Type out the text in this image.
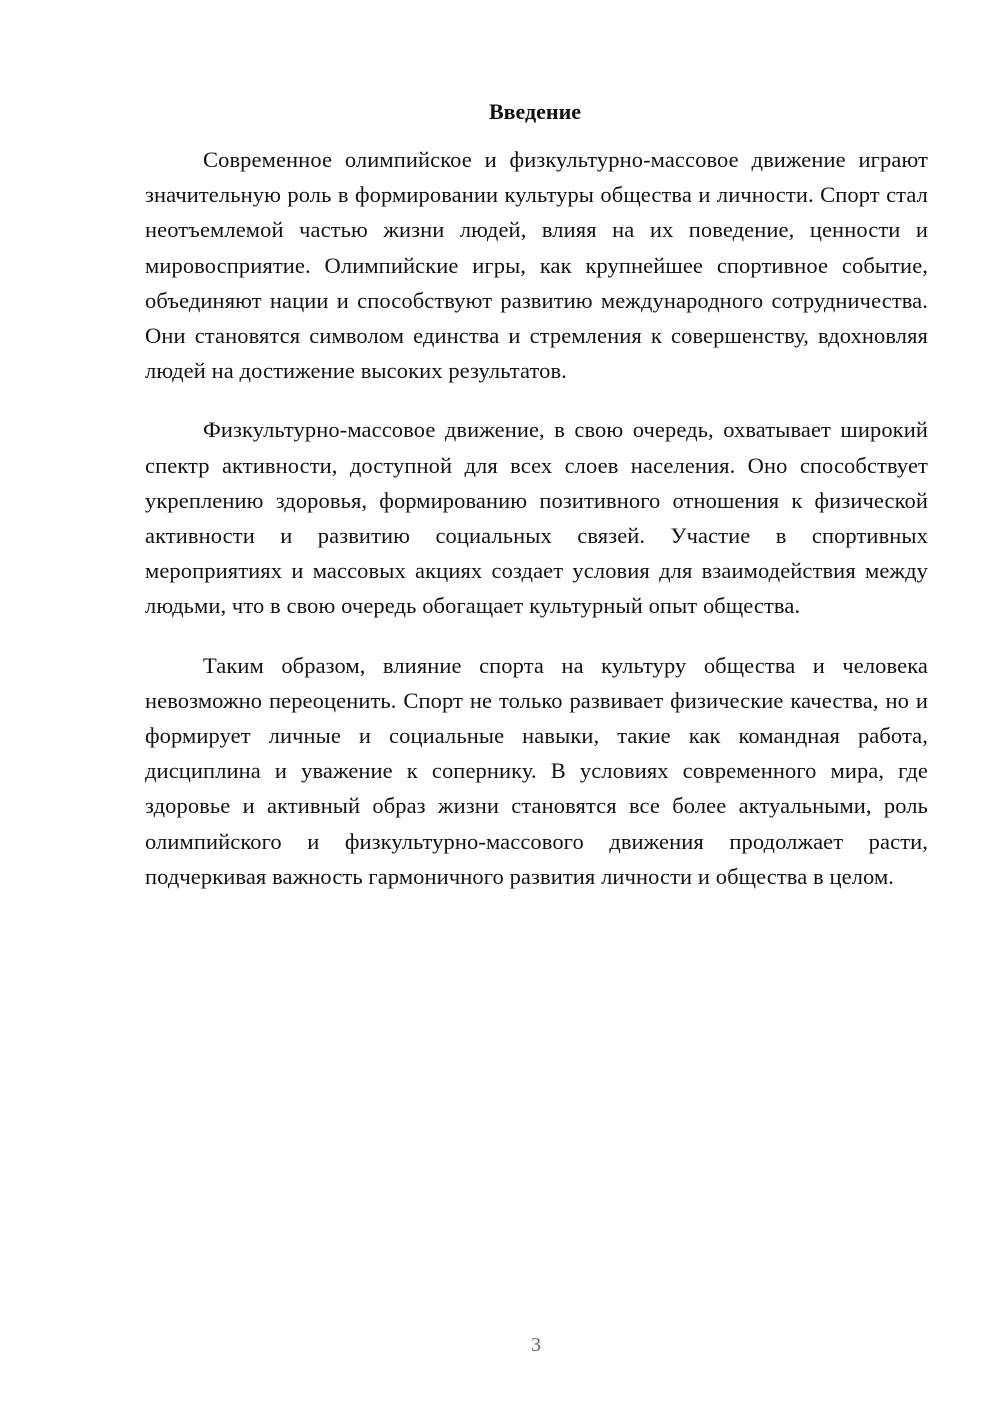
Введение

Современное олимпийское и физкультурно-массовое движение играют значительную роль в формировании культуры общества и личности. Спорт стал неотъемлемой частью жизни людей, влияя на их поведение, ценности и мировосприятие. Олимпийские игры, как крупнейшее спортивное событие, объединяют нации и способствуют развитию международного сотрудничества. Они становятся символом единства и стремления к совершенству, вдохновляя людей на достижение высоких результатов.

Физкультурно-массовое движение, в свою очередь, охватывает широкий спектр активности, доступной для всех слоев населения. Оно способствует укреплению здоровья, формированию позитивного отношения к физической активности и развитию социальных связей. Участие в спортивных мероприятиях и массовых акциях создает условия для взаимодействия между людьми, что в свою очередь обогащает культурный опыт общества.

Таким образом, влияние спорта на культуру общества и человека невозможно переоценить. Спорт не только развивает физические качества, но и формирует личные и социальные навыки, такие как командная работа, дисциплина и уважение к сопернику. В условиях современного мира, где здоровье и активный образ жизни становятся все более актуальными, роль олимпийского и физкультурно-массового движения продолжает расти, подчеркивая важность гармоничного развития личности и общества в целом.

3
